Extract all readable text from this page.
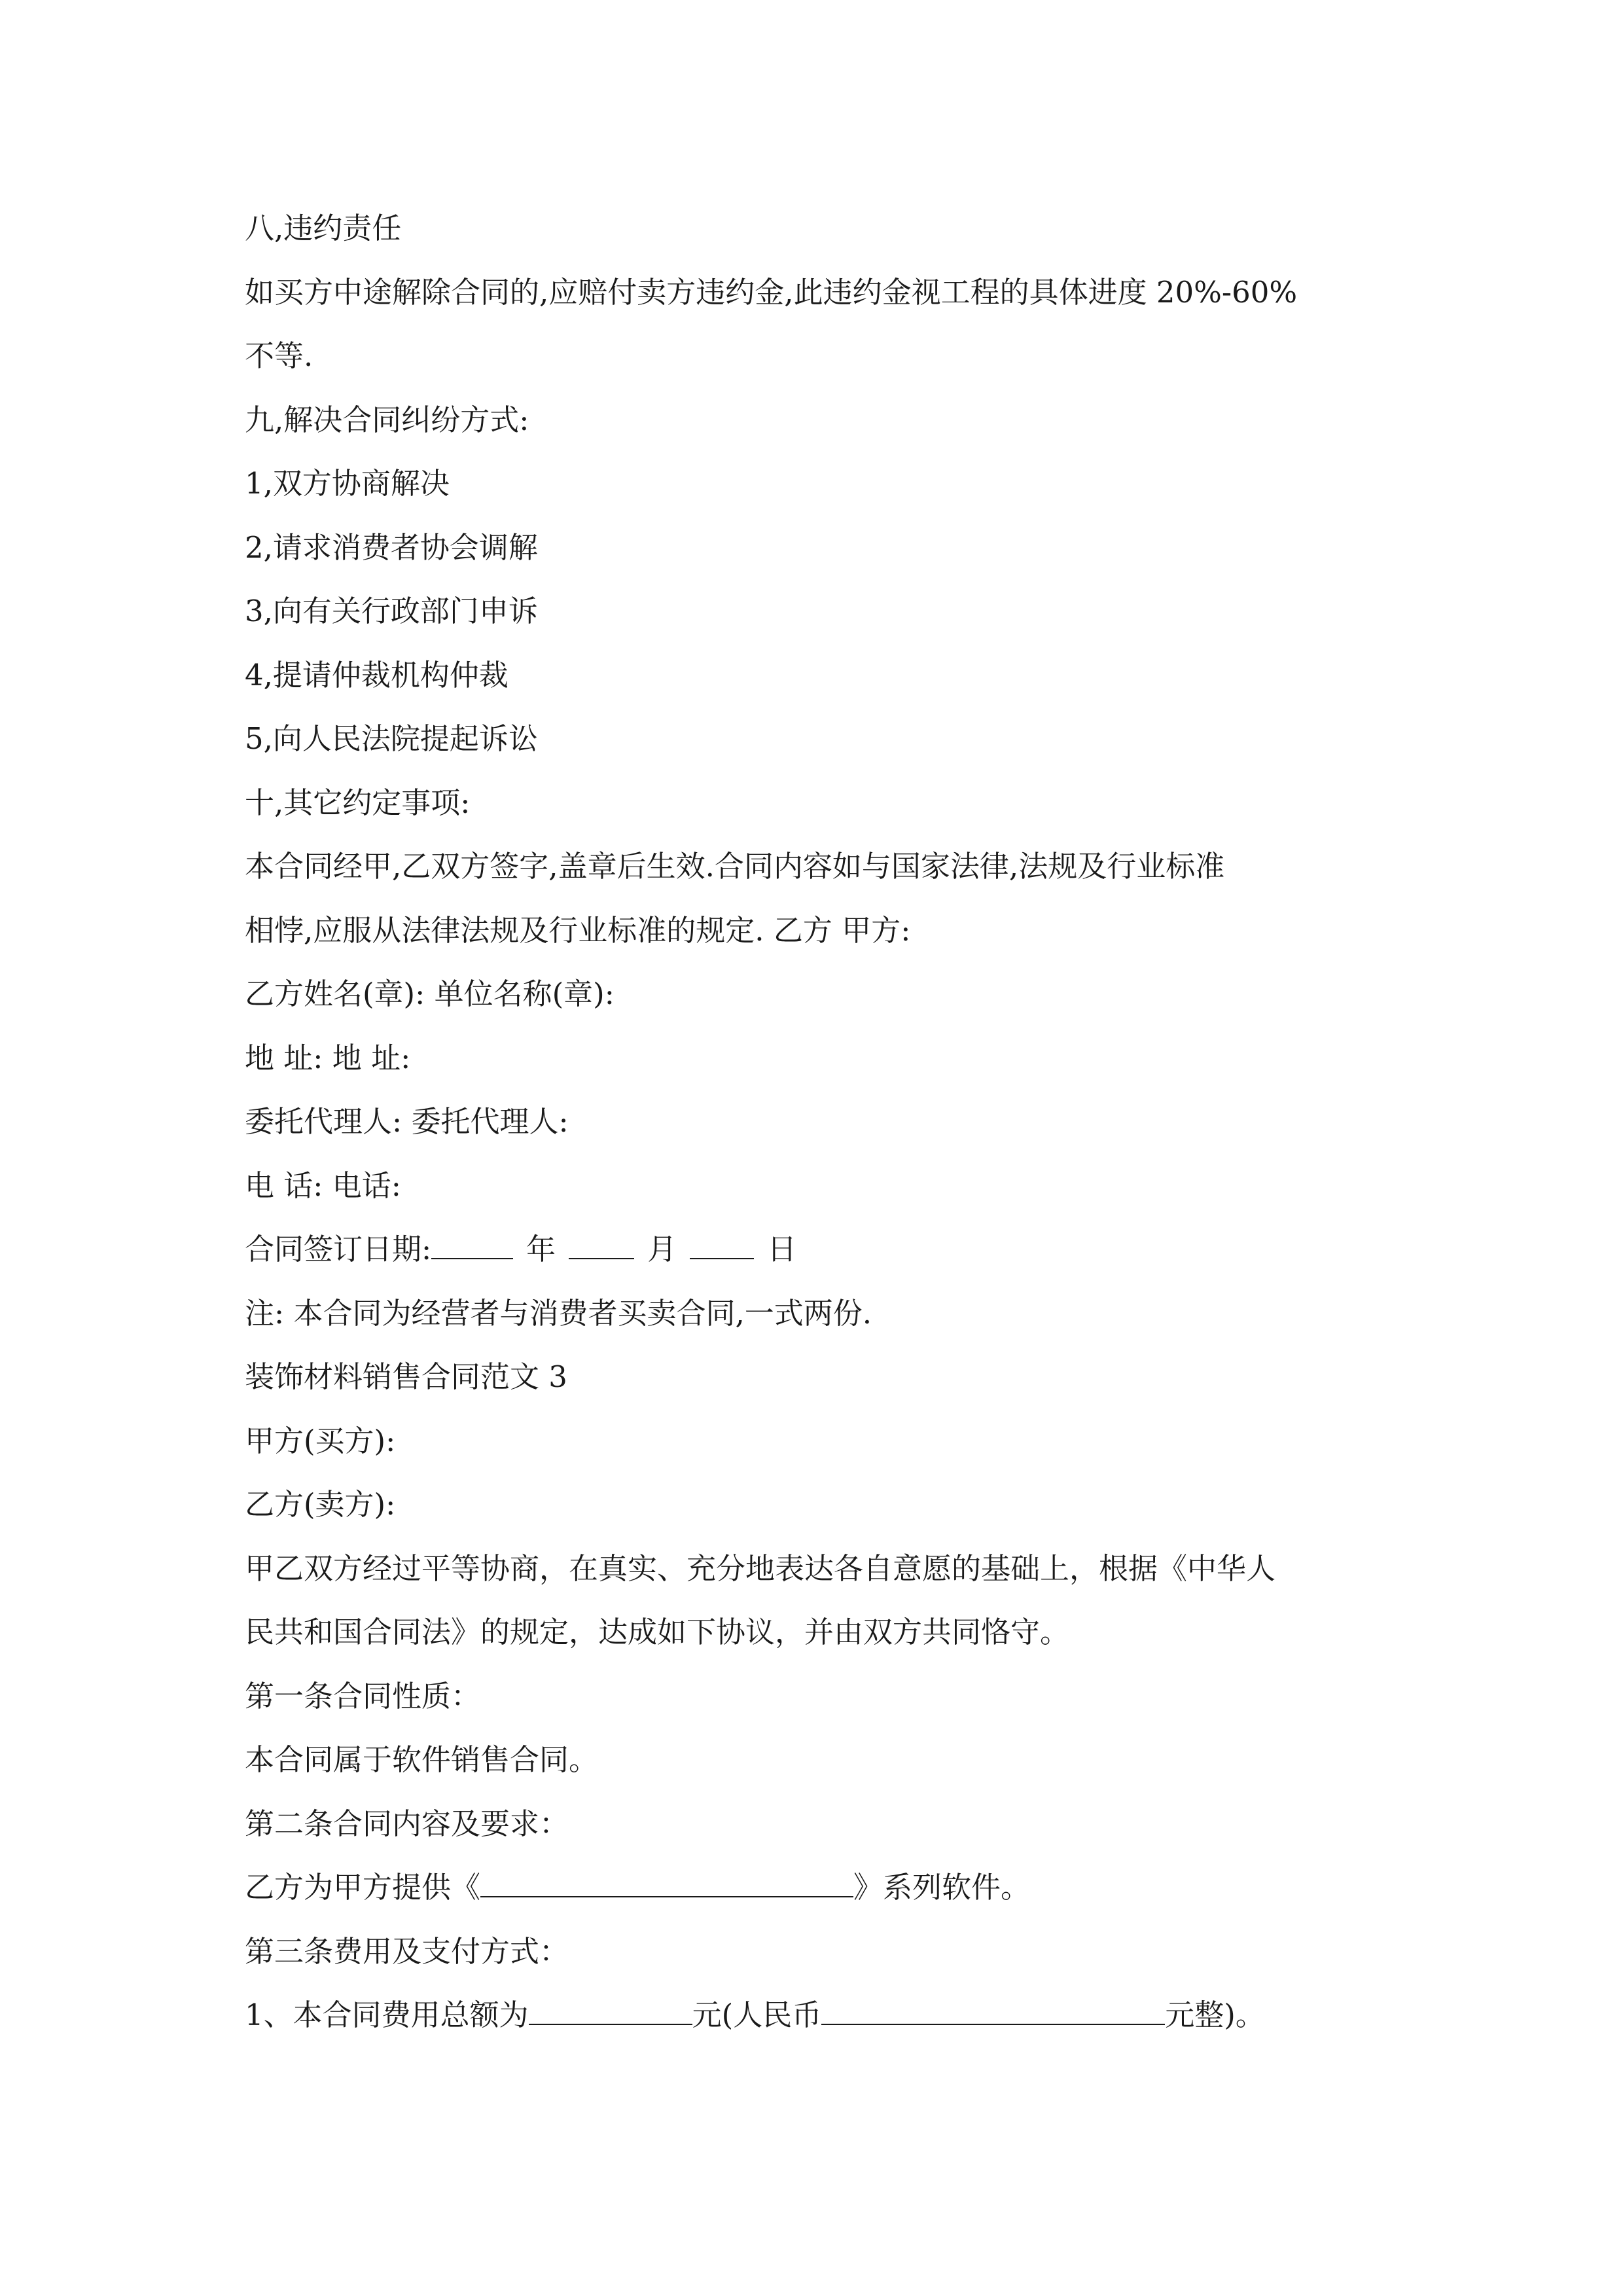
八,违约责任
如买方中途解除合同的,应赔付卖方违约金,此违约金视工程的具体进度 20%-60%
不等.
九,解决合同纠纷方式:
1,双方协商解决
2,请求消费者协会调解
3,向有关行政部门申诉
4,提请仲裁机构仲裁
5,向人民法院提起诉讼
十,其它约定事项:
本合同经甲,乙双方签字,盖章后生效.合同内容如与国家法律,法规及行业标准
相悖,应服从法律法规及行业标准的规定. 乙方 甲方:
乙方姓名(章): 单位名称(章):
地 址: 地 址:
委托代理人: 委托代理人:
电 话: 电话:
合同签订日期:	年	月	日
注: 本合同为经营者与消费者买卖合同,一式两份.
装饰材料销售合同范文 3
甲方(买方):
乙方(卖方):
甲乙双方经过平等协商，在真实、充分地表达各自意愿的基础上，根据《中华人
民共和国合同法》的规定，达成如下协议，并由双方共同恪守。
第一条合同性质：
本合同属于软件销售合同。
第二条合同内容及要求：
乙方为甲方提供《	》系列软件。
第三条费用及支付方式：
1、本合同费用总额为	元(人民币	元整)。
